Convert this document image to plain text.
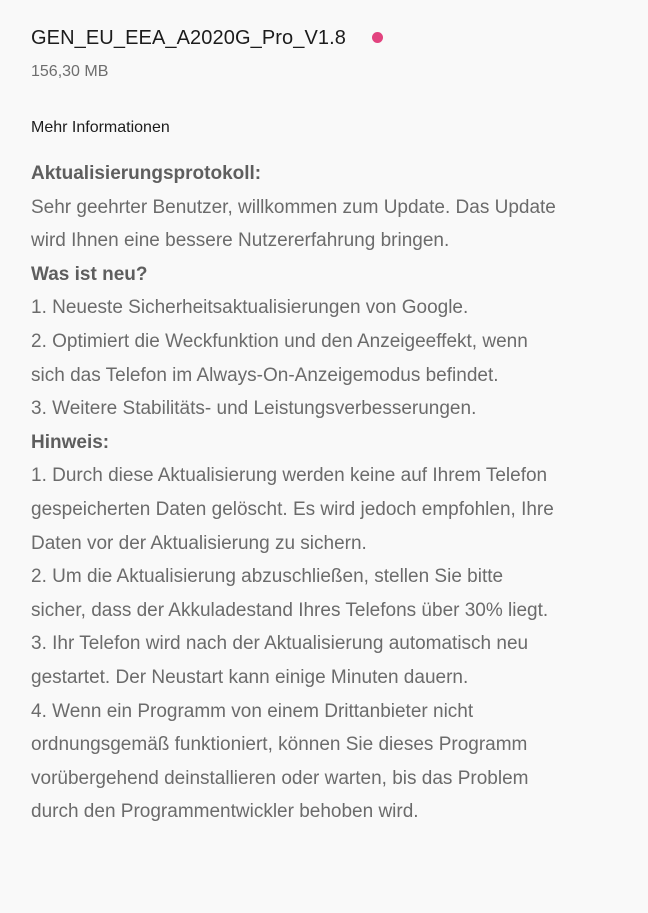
GEN_EU_EEA_A2020G_Pro_V1.8
156,30 MB
Mehr Informationen
Aktualisierungsprotokoll:
Sehr geehrter Benutzer, willkommen zum Update. Das Update
wird Ihnen eine bessere Nutzererfahrung bringen.
Was ist neu?
1. Neueste Sicherheitsaktualisierungen von Google.
2. Optimiert die Weckfunktion und den Anzeigeeffekt, wenn
sich das Telefon im Always-On-Anzeigemodus befindet.
3. Weitere Stabilitäts- und Leistungsverbesserungen.
Hinweis:
1. Durch diese Aktualisierung werden keine auf Ihrem Telefon
gespeicherten Daten gelöscht. Es wird jedoch empfohlen, Ihre
Daten vor der Aktualisierung zu sichern.
2. Um die Aktualisierung abzuschließen, stellen Sie bitte
sicher, dass der Akkuladestand Ihres Telefons über 30% liegt.
3. Ihr Telefon wird nach der Aktualisierung automatisch neu
gestartet. Der Neustart kann einige Minuten dauern.
4. Wenn ein Programm von einem Drittanbieter nicht
ordnungsgemäß funktioniert, können Sie dieses Programm
vorübergehend deinstallieren oder warten, bis das Problem
durch den Programmentwickler behoben wird.
